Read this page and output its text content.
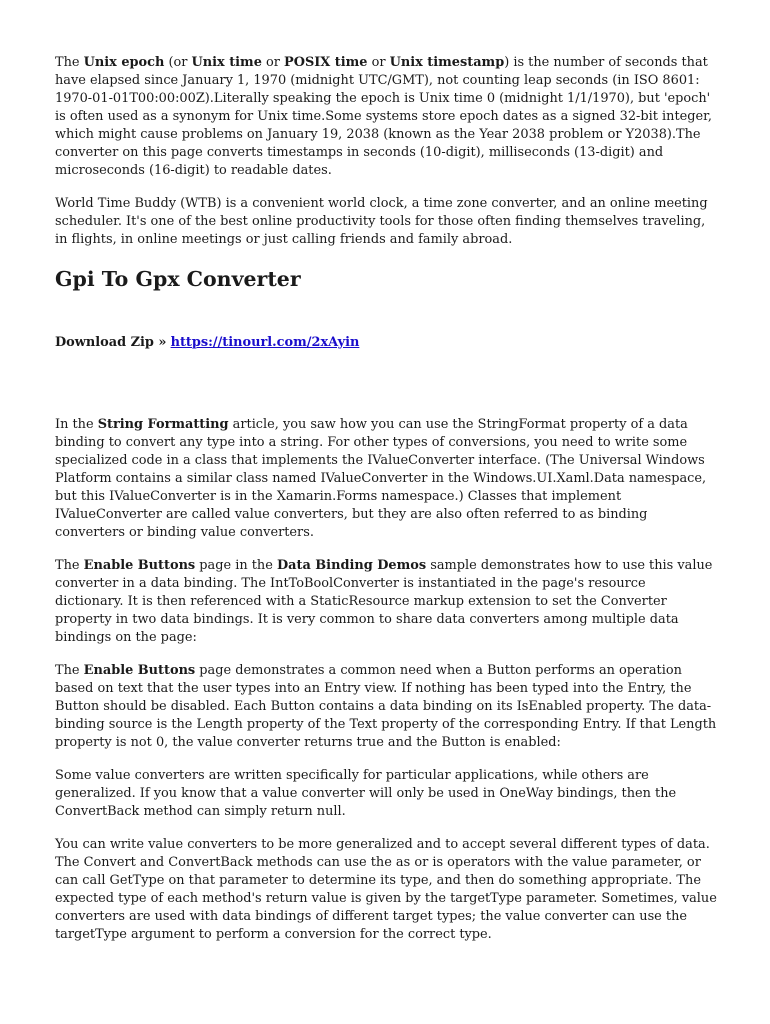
The Unix epoch (or Unix time or POSIX time or Unix timestamp) is the number of seconds that have elapsed since January 1, 1970 (midnight UTC/GMT), not counting leap seconds (in ISO 8601: 1970-01-01T00:00:00Z).Literally speaking the epoch is Unix time 0 (midnight 1/1/1970), but 'epoch' is often used as a synonym for Unix time.Some systems store epoch dates as a signed 32-bit integer, which might cause problems on January 19, 2038 (known as the Year 2038 problem or Y2038).The converter on this page converts timestamps in seconds (10-digit), milliseconds (13-digit) and microseconds (16-digit) to readable dates.

World Time Buddy (WTB) is a convenient world clock, a time zone converter, and an online meeting scheduler. It's one of the best online productivity tools for those often finding themselves traveling, in flights, in online meetings or just calling friends and family abroad.

Gpi To Gpx Converter

Download Zip » https://tinourl.com/2xAyin

In the String Formatting article, you saw how you can use the StringFormat property of a data binding to convert any type into a string. For other types of conversions, you need to write some specialized code in a class that implements the IValueConverter interface. (The Universal Windows Platform contains a similar class named IValueConverter in the Windows.UI.Xaml.Data namespace, but this IValueConverter is in the Xamarin.Forms namespace.) Classes that implement IValueConverter are called value converters, but they are also often referred to as binding converters or binding value converters.

The Enable Buttons page in the Data Binding Demos sample demonstrates how to use this value converter in a data binding. The IntToBoolConverter is instantiated in the page's resource dictionary. It is then referenced with a StaticResource markup extension to set the Converter property in two data bindings. It is very common to share data converters among multiple data bindings on the page:

The Enable Buttons page demonstrates a common need when a Button performs an operation based on text that the user types into an Entry view. If nothing has been typed into the Entry, the Button should be disabled. Each Button contains a data binding on its IsEnabled property. The data-binding source is the Length property of the Text property of the corresponding Entry. If that Length property is not 0, the value converter returns true and the Button is enabled:

Some value converters are written specifically for particular applications, while others are generalized. If you know that a value converter will only be used in OneWay bindings, then the ConvertBack method can simply return null.

You can write value converters to be more generalized and to accept several different types of data. The Convert and ConvertBack methods can use the as or is operators with the value parameter, or can call GetType on that parameter to determine its type, and then do something appropriate. The expected type of each method's return value is given by the targetType parameter. Sometimes, value converters are used with data bindings of different target types; the value converter can use the targetType argument to perform a conversion for the correct type.
